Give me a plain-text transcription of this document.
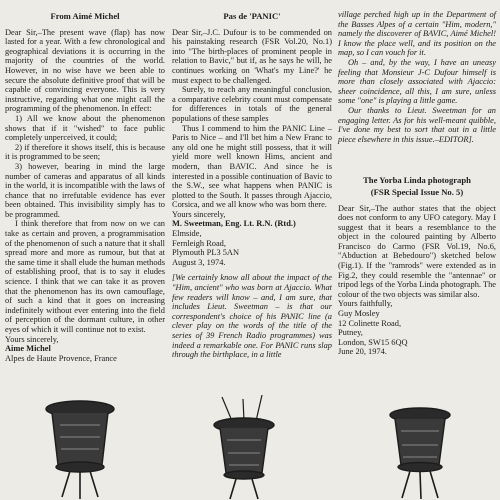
From Aimé Michel

Dear Sir,–The present wave (flap) has now lasted for a year. With a few chronological and geographical deviations it is occurring in the majority of the countries of the world. However, in no wise have we been able to secure the absolute definitive proof that will be capable of convincing everyone. This is very instructive, regarding what one might call the programming of the phenomenon. In effect:

1) All we know about the phenomenon shows that if it "wished" to face public completely unperceived, it could;

2) if therefore it shows itself, this is because it is programmed to be seen;

3) however, bearing in mind the large number of cameras and apparatus of all kinds in the world, it is incompatible with the laws of chance that no irrefutable evidence has ever been obtained. This invisibility simply has to be programmed.

I think therefore that from now on we can take as certain and proven, a programmisation of the phenomenon of such a nature that it shall spread more and more as rumour, but that at the same time it shall elude the human methods of establishing proof, that is to say it eludes science. I think that we can take it as proven that the phenomenon has its own camouflage, of such a kind that it goes on increasing indefinitely without ever entering into the field of perception of the dormant culture, in other eyes of which it will continue not to exist.

Yours sincerely,

Aime Michel

Alpes de Haute Provence, France

Pas de 'PANIC'

Dear Sir,–J.C. Dufour is to be commended on his painstaking research (FSR Vol.20, No.1) into "The birth-places of prominent people in relation to Bavic," but if, as he says he will, he continues working on 'What's my Line?' he must expect to be challenged.

Surely, to reach any meaningful conclusion, a comparative celebrity count must compensate for differences in totals of the general populations of these samples

Thus I commend to him the PANIC Line – Paris to Nice – and I'll bet him a New Franc to any old one he might still possess, that it will yield more well known Hims, ancient and modern, than BAVIC. And since he is interested in a possible continuation of Bavic to the S.W., see what happens when PANIC is plotted to the South. It passes through Ajaccio, Corsica, and we all know who was born there.

Yours sincerely,

M. Sweetman, Eng. Lt. R.N. (Rtd.)

Elmside,

Fernleigh Road,

Plymouth PL3 5AN

August 3, 1974.

[We certainly know all about the impact of the "Him, ancient" who was born at Ajaccio. What few readers will know – and, I am sure, that includes Lieut. Sweetman – is that our correspondent's choice of his PANIC line (a clever play on the words of the title of the series of 39 French Radio programmes) was indeed a remarkable one. For PANIC runs slap through the birthplace, in a little

village perched high up in the Department of the Basses Alpes of a certain "Him, modern," namely the discoverer of BAVIC, Aimé Michel! I know the place well, and its position on the map, so I can vouch for it.

Oh – and, by the way, I have an uneasy feeling that Monsieur J-C Dufour himself is more than closely associated with Ajaccio: sheer coincidence, all this, I am sure, unless some "one" is playing a little game.

Our thanks to Lieut. Sweetman for an engaging letter. As for his well-meant quibble, I've done my best to sort that out in a little piece elsewhere in this issue.–EDITOR].

The Yorba Linda photograph
(FSR Special Issue No. 5)

Dear Sir,–The author states that the object does not conform to any UFO category. May I suggest that it bears a resemblance to the object in the coloured painting by Alberto Francisco do Carmo (FSR Vol.19, No.6, "Abduction at Bebedouro") sketched below (Fig.1). If the "ramrods" were extended as in Fig.2, they could resemble the "antennae" or tripod legs of the Yorba Linda photograph. The colour of the two objects was similar also.

Yours faithfully,

Guy Mosley

12 Colinette Road,

Putney,

London, SW15 6QQ

June 20, 1974.
